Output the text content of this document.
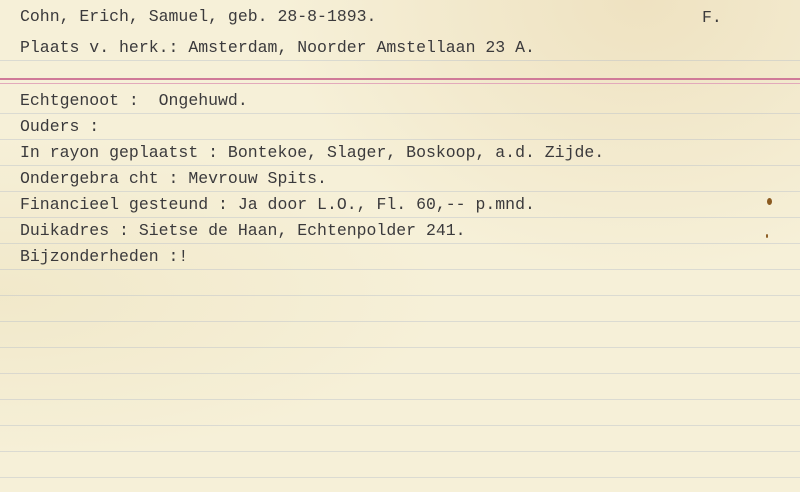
Cohn, Erich, Samuel, geb. 28-8-1893.	F.
Plaats v. herk.: Amsterdam, Noorder Amstellaan 23 A.
Echtgenoot :  Ongehuwd.
Ouders :
In rayon geplaatst : Bontekoe, Slager, Boskoop, a.d. Zijde.
Ondergebra cht : Mevrouw Spits.
Financieel gesteund : Ja door L.O., Fl. 60,-- p.mnd.
Duikadres : Sietse de Haan, Echtenpolder 241.
Bijzonderheden :!
